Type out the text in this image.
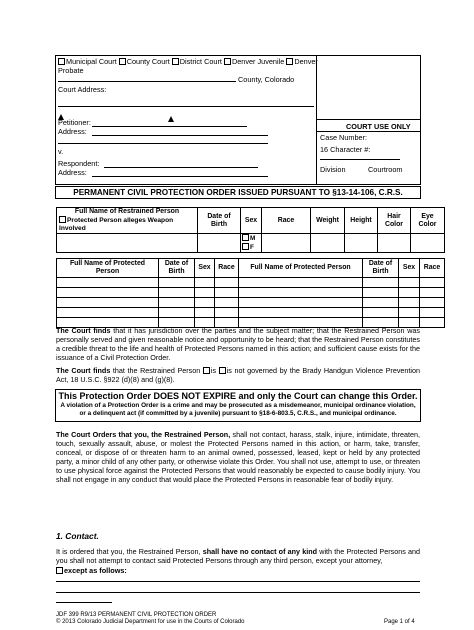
Municipal Court County Court District Court Denver Juvenile Denver
Probate
County, Colorado
Court Address:
Petitioner:
Address:
v.
Respondent:
Address:
COURT USE ONLY
Case Number:
16 Character #:
Division	Courtroom
PERMANENT CIVIL PROTECTION ORDER ISSUED PURSUANT TO §13-14-106, C.R.S.
Full Name of Restrained Person
Protected Person alleges Weapon Involved	Date of Birth	Sex	Race	Weight	Height	Hair Color	Eye Color

		M
F					

Full Name of Protected Person	Date of Birth	Sex	Race	Full Name of Protected Person	Date of Birth	Sex	Race

The Court finds that it has jurisdiction over the parties and the subject matter; that the Restrained Person was personally served and given reasonable notice and opportunity to be heard; that the Restrained Person constitutes a credible threat to the life and health of Protected Persons named in this action; and sufficient cause exists for the issuance of a Civil Protection Order.
The Court finds that the Restrained Person is is not governed by the Brady Handgun Violence Prevention Act, 18 U.S.C. §922 (d)(8) and (g)(8).
This Protection Order DOES NOT EXPIRE and only the Court can change this Order.
A violation of a Protection Order is a crime and may be prosecuted as a misdemeanor, municipal ordinance violation,
or a delinquent act (if committed by a juvenile) pursuant to §18-6-803.5, C.R.S., and municipal ordinance.
The Court Orders that you, the Restrained Person, shall not contact, harass, stalk, injure, intimidate, threaten, touch, sexually assault, abuse, or molest the Protected Persons named in this action, or harm, take, transfer, conceal, or dispose of or threaten harm to an animal owned, possessed, leased, kept or held by any protected party, a minor child of any other party, or otherwise violate this Order. You shall not use, attempt to use, or threaten to use physical force against the Protected Persons that would reasonably be expected to cause bodily injury. You shall not engage in any conduct that would place the Protected Persons in reasonable fear of bodily injury.
1. Contact.
It is ordered that you, the Restrained Person, shall have no contact of any kind with the Protected Persons and you shall not attempt to contact said Protected Persons through any third person, except your attorney,
except as follows:
JDF 399 R9/13 PERMANENT CIVIL PROTECTION ORDER
© 2013 Colorado Judicial Department for use in the Courts of Colorado	Page 1 of 4
